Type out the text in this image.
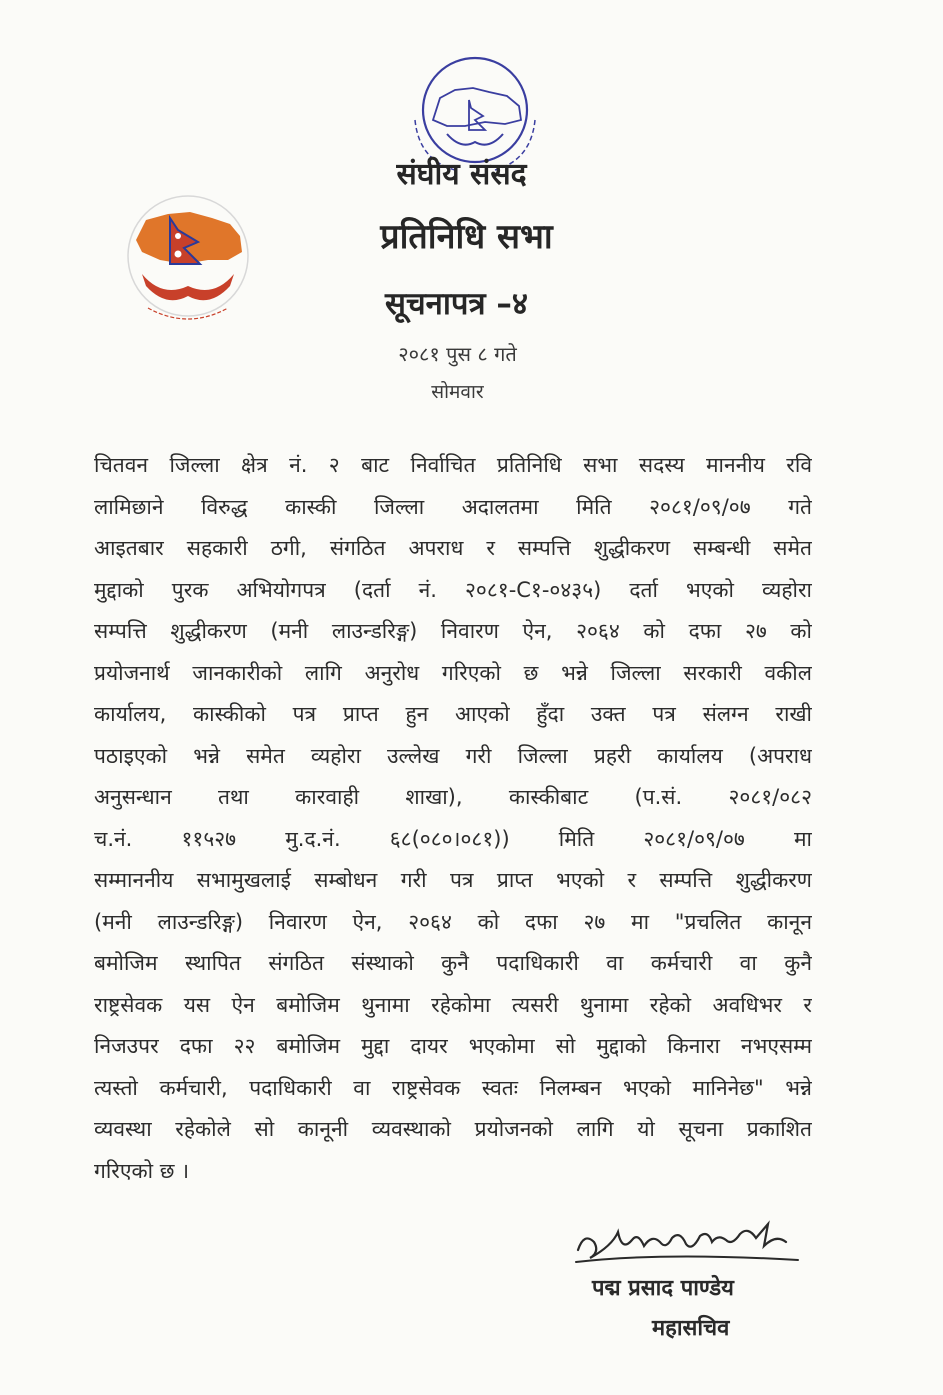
संघीय संसद
प्रतिनिधि सभा
सूचनापत्र –४
२०८१ पुस ८ गते
सोमवार
चितवन जिल्ला क्षेत्र नं. २ बाट निर्वाचित प्रतिनिधि सभा सदस्य माननीय रवि
लामिछाने विरुद्ध कास्की जिल्ला अदालतमा मिति २०८१/०९/०७ गते
आइतबार सहकारी ठगी, संगठित अपराध र सम्पत्ति शुद्धीकरण सम्बन्धी समेत
मुद्दाको पुरक अभियोगपत्र (दर्ता नं. २०८१-C१-०४३५) दर्ता भएको व्यहोरा
सम्पत्ति शुद्धीकरण (मनी लाउन्डरिङ्ग) निवारण ऐन, २०६४ को दफा २७ को
प्रयोजनार्थ जानकारीको लागि अनुरोध गरिएको छ भन्ने जिल्ला सरकारी वकील
कार्यालय, कास्कीको पत्र प्राप्त हुन आएको हुँदा उक्त पत्र संलग्न राखी
पठाइएको भन्ने समेत व्यहोरा उल्लेख गरी जिल्ला प्रहरी कार्यालय (अपराध
अनुसन्धान तथा कारवाही शाखा), कास्कीबाट (प.सं. २०८१/०८२
च.नं. ११५२७ मु.द.नं. ६८(०८०।०८१)) मिति २०८१/०९/०७ मा
सम्माननीय सभामुखलाई सम्बोधन गरी पत्र प्राप्त भएको र सम्पत्ति शुद्धीकरण
(मनी लाउन्डरिङ्ग) निवारण ऐन, २०६४ को दफा २७ मा "प्रचलित कानून
बमोजिम स्थापित संगठित संस्थाको कुनै पदाधिकारी वा कर्मचारी वा कुनै
राष्ट्रसेवक यस ऐन बमोजिम थुनामा रहेकोमा त्यसरी थुनामा रहेको अवधिभर र
निजउपर दफा २२ बमोजिम मुद्दा दायर भएकोमा सो मुद्दाको किनारा नभएसम्म
त्यस्तो कर्मचारी, पदाधिकारी वा राष्ट्रसेवक स्वतः निलम्बन भएको मानिनेछ" भन्ने
व्यवस्था रहेकोले सो कानूनी व्यवस्थाको प्रयोजनको लागि यो सूचना प्रकाशित
गरिएको छ ।
पद्म प्रसाद पाण्डेय
महासचिव
